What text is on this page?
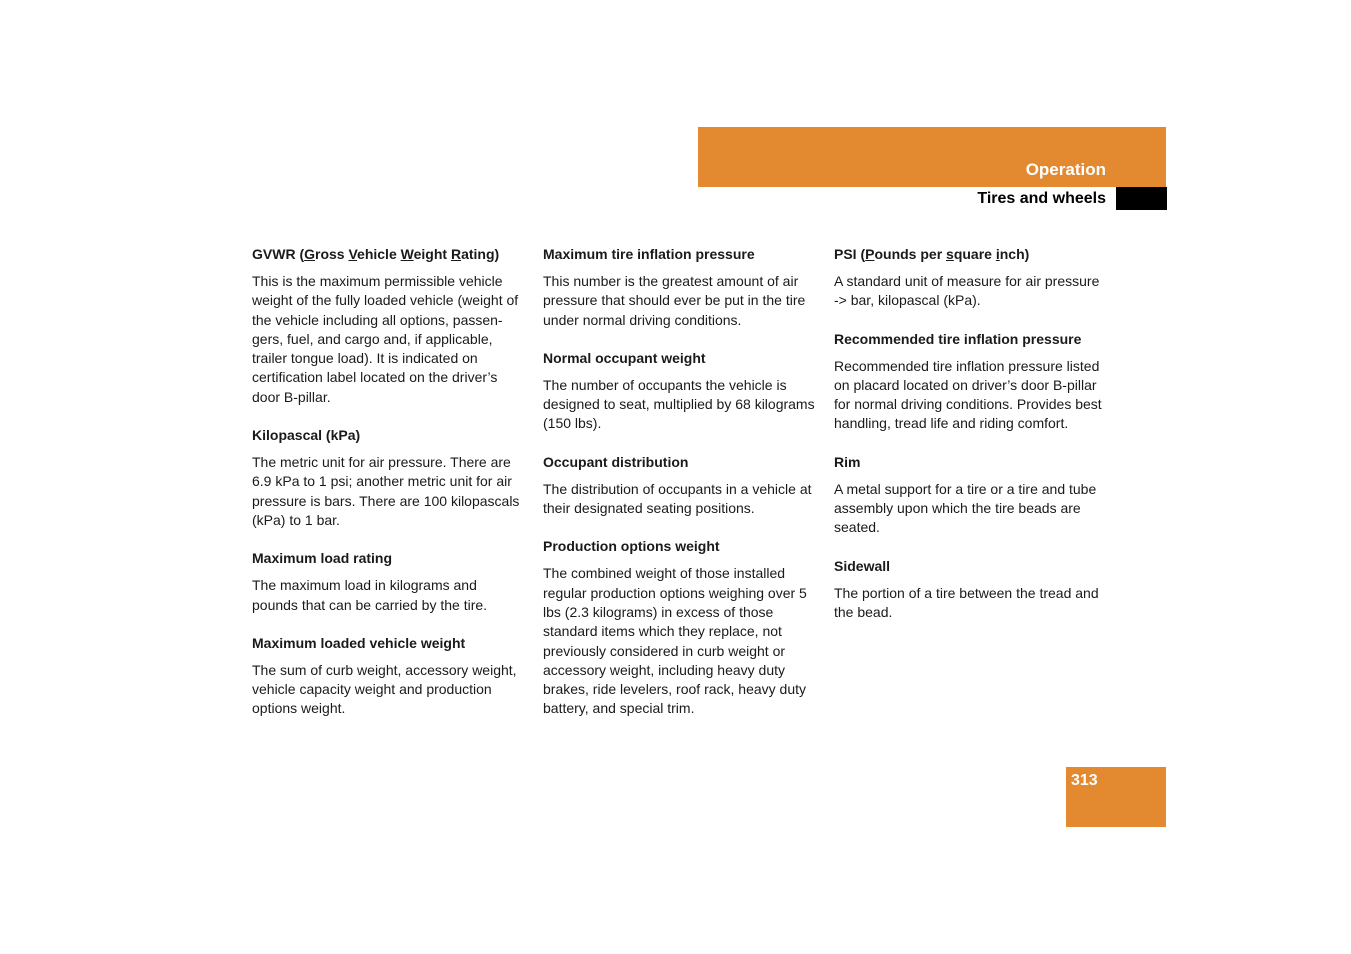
Operation
Tires and wheels
GVWR (Gross Vehicle Weight Rating)

This is the maximum permissible vehicle weight of the fully loaded vehicle (weight of the vehicle including all options, passen-gers, fuel, and cargo and, if applicable, trailer tongue load). It is indicated on certification label located on the driver’s door B-pillar.

Kilopascal (kPa)

The metric unit for air pressure. There are 6.9 kPa to 1 psi; another metric unit for air pressure is bars. There are 100 kilopascals (kPa) to 1 bar.

Maximum load rating

The maximum load in kilograms and pounds that can be carried by the tire.

Maximum loaded vehicle weight

The sum of curb weight, accessory weight, vehicle capacity weight and production options weight.

Maximum tire inflation pressure

This number is the greatest amount of air pressure that should ever be put in the tire under normal driving conditions.

Normal occupant weight

The number of occupants the vehicle is designed to seat, multiplied by 68 kilograms (150 lbs).

Occupant distribution

The distribution of occupants in a vehicle at their designated seating positions.

Production options weight

The combined weight of those installed regular production options weighing over 5 lbs (2.3 kilograms) in excess of those standard items which they replace, not previously considered in curb weight or accessory weight, including heavy duty brakes, ride levelers, roof rack, heavy duty battery, and special trim.

PSI (Pounds per square inch)

A standard unit of measure for air pressure -> bar, kilopascal (kPa).

Recommended tire inflation pressure

Recommended tire inflation pressure listed on placard located on driver’s door B-pillar for normal driving conditions. Provides best handling, tread life and riding comfort.

Rim

A metal support for a tire or a tire and tube assembly upon which the tire beads are seated.

Sidewall

The portion of a tire between the tread and the bead.

313
